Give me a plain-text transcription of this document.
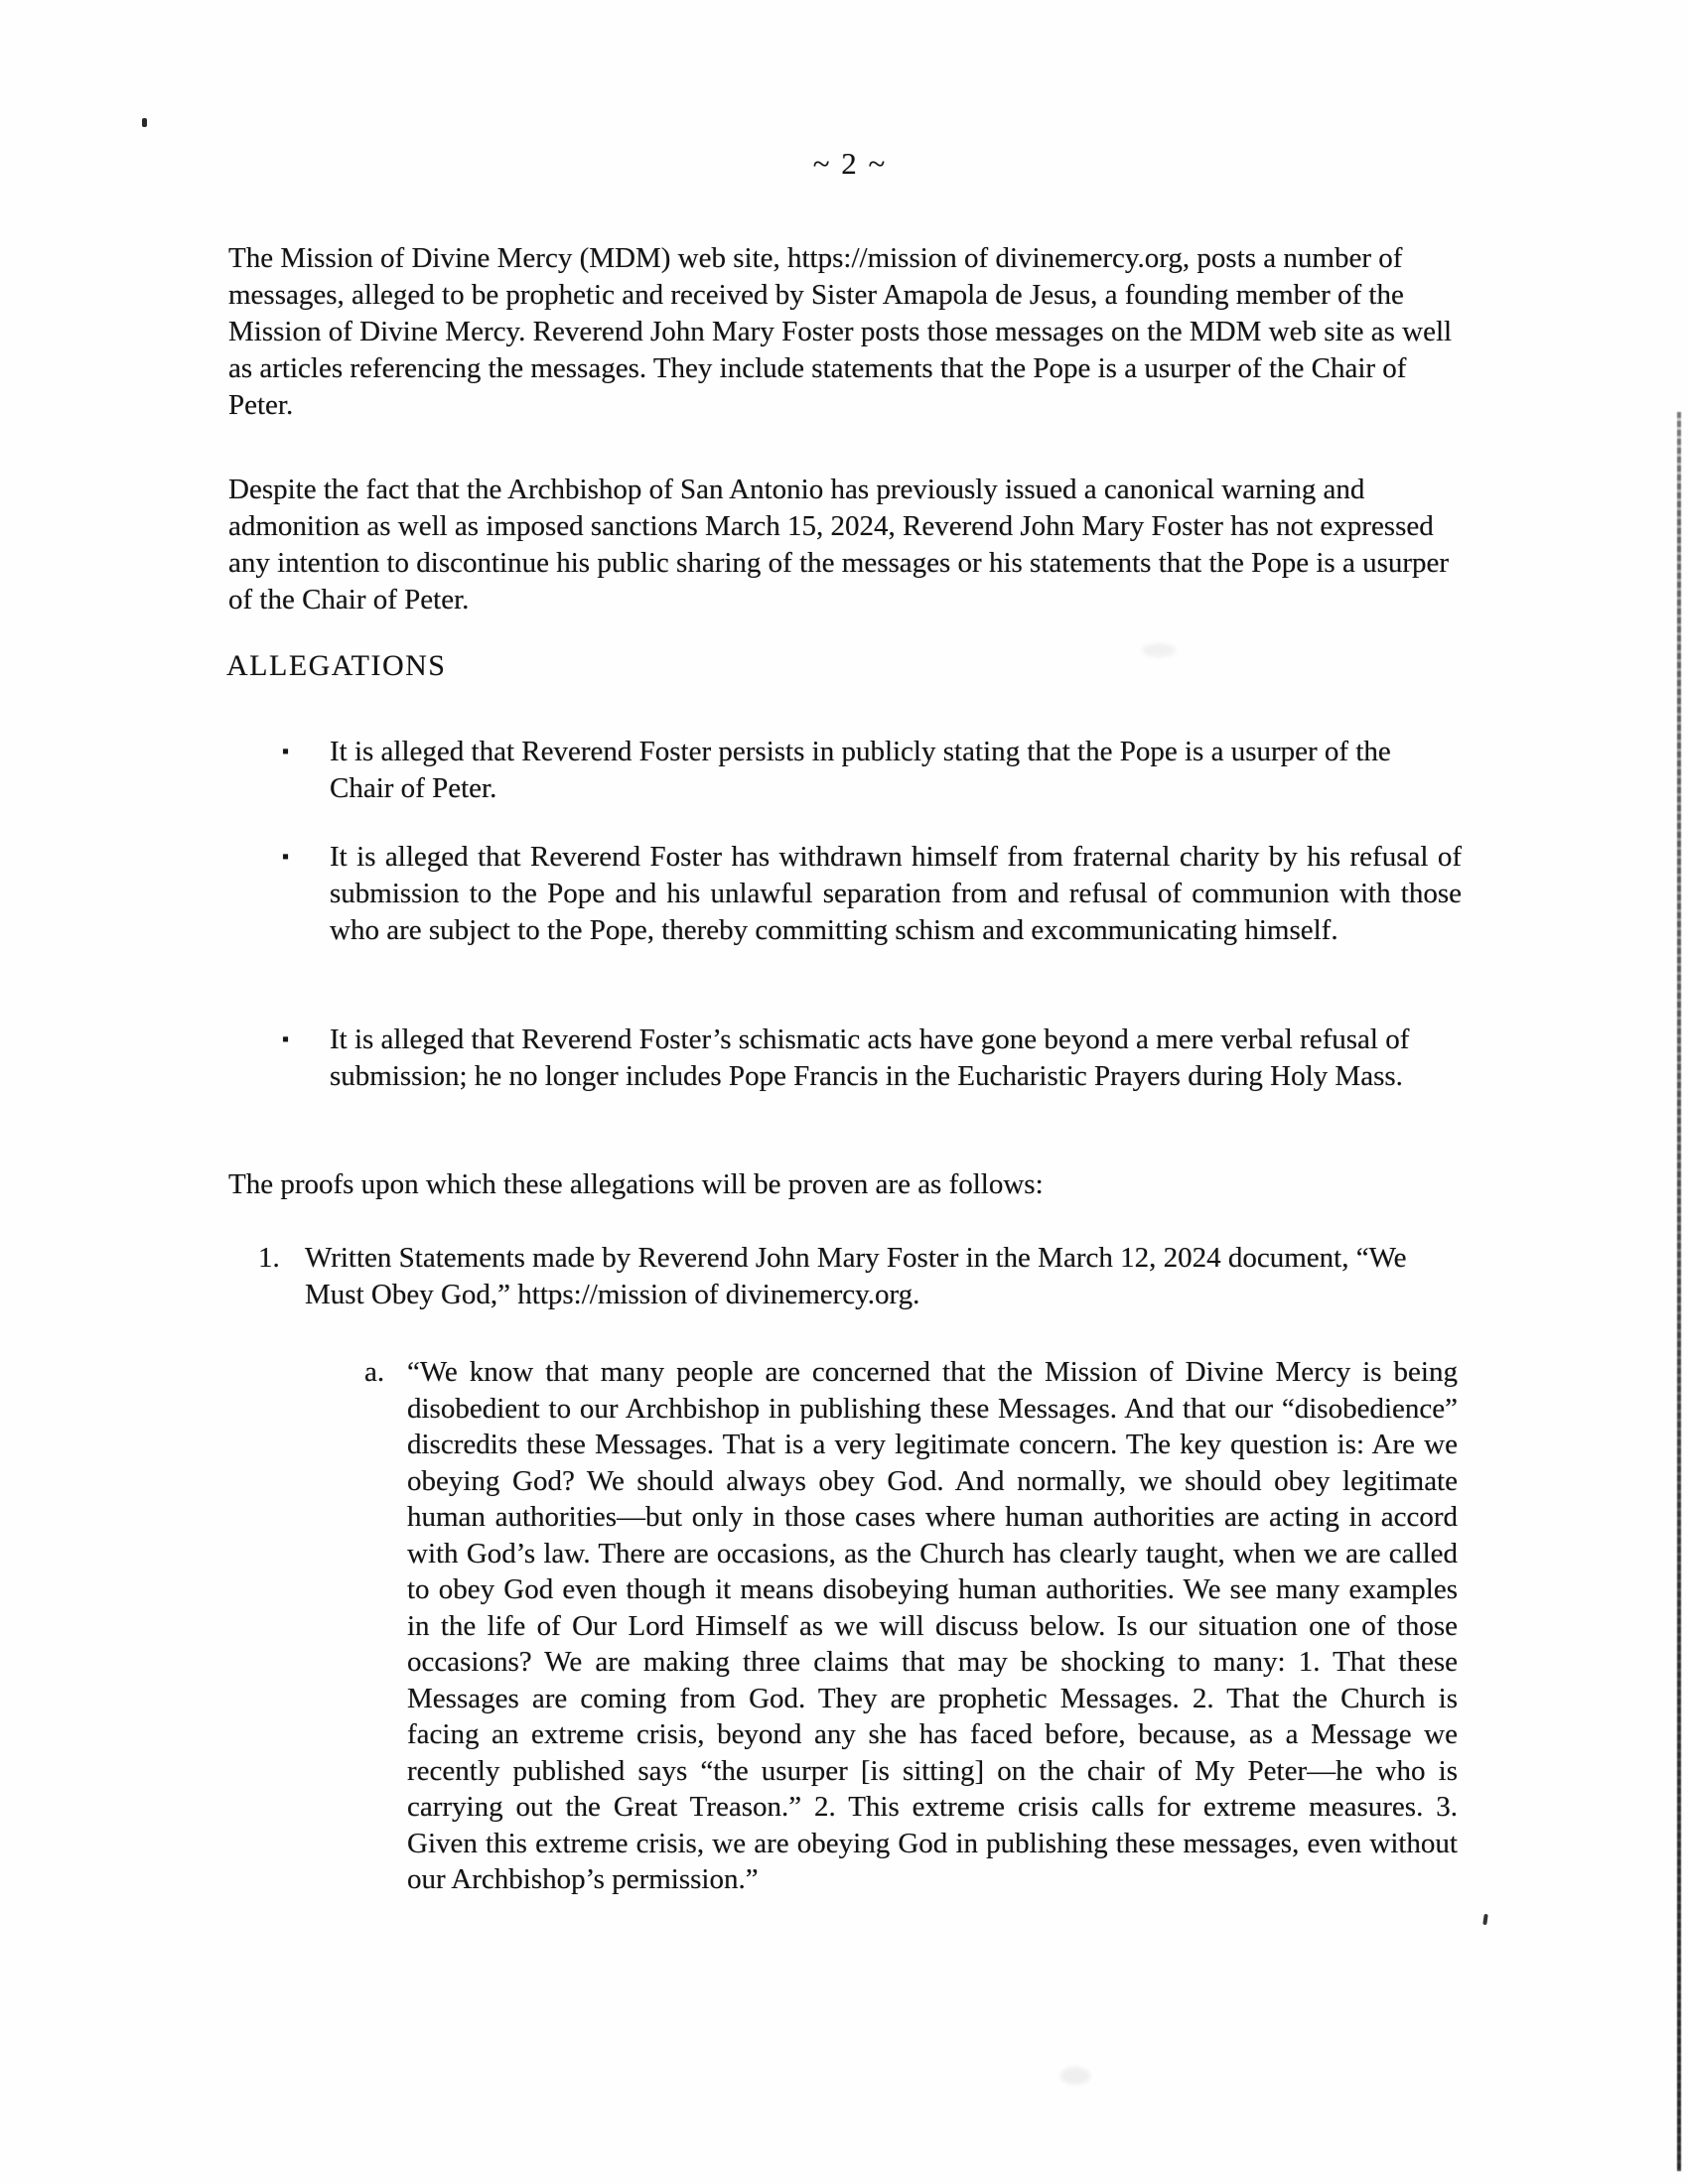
~ 2 ~
The Mission of Divine Mercy (MDM) web site, https://mission of divinemercy.org, posts a number of messages, alleged to be prophetic and received by Sister Amapola de Jesus, a founding member of the Mission of Divine Mercy. Reverend John Mary Foster posts those messages on the MDM web site as well as articles referencing the messages. They include statements that the Pope is a usurper of the Chair of Peter.
Despite the fact that the Archbishop of San Antonio has previously issued a canonical warning and admonition as well as imposed sanctions March 15, 2024, Reverend John Mary Foster has not expressed any intention to discontinue his public sharing of the messages or his statements that the Pope is a usurper of the Chair of Peter.
ALLEGATIONS
▪	It is alleged that Reverend Foster persists in publicly stating that the Pope is a usurper of the Chair of Peter.
▪	It is alleged that Reverend Foster has withdrawn himself from fraternal charity by his refusal of submission to the Pope and his unlawful separation from and refusal of communion with those who are subject to the Pope, thereby committing schism and excommunicating himself.
▪	It is alleged that Reverend Foster’s schismatic acts have gone beyond a mere verbal refusal of submission; he no longer includes Pope Francis in the Eucharistic Prayers during Holy Mass.
The proofs upon which these allegations will be proven are as follows:
1. Written Statements made by Reverend John Mary Foster in the March 12, 2024 document, “We Must Obey God,” https://mission of divinemercy.org.
a. “We know that many people are concerned that the Mission of Divine Mercy is being disobedient to our Archbishop in publishing these Messages. And that our “disobedience” discredits these Messages. That is a very legitimate concern. The key question is: Are we obeying God? We should always obey God. And normally, we should obey legitimate human authorities—but only in those cases where human authorities are acting in accord with God’s law. There are occasions, as the Church has clearly taught, when we are called to obey God even though it means disobeying human authorities. We see many examples in the life of Our Lord Himself as we will discuss below. Is our situation one of those occasions? We are making three claims that may be shocking to many: 1. That these Messages are coming from God. They are prophetic Messages. 2. That the Church is facing an extreme crisis, beyond any she has faced before, because, as a Message we recently published says “the usurper [is sitting] on the chair of My Peter—he who is carrying out the Great Treason.” 2. This extreme crisis calls for extreme measures. 3. Given this extreme crisis, we are obeying God in publishing these messages, even without our Archbishop’s permission.”
